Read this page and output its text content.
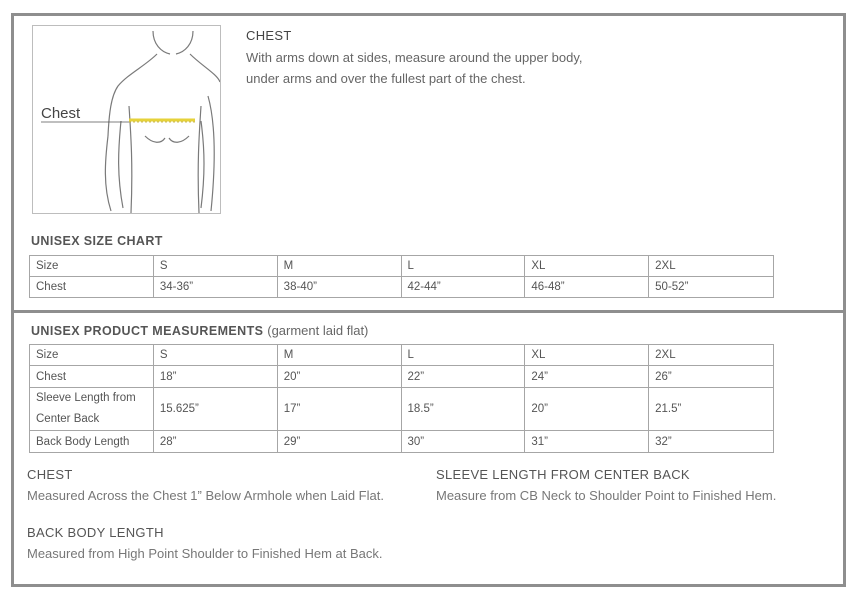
Chest
CHEST
With arms down at sides, measure around the upper body,
under arms and over the fullest part of the chest.
UNISEX SIZE CHART
Size	S	M	L	XL	2XL
Chest	34-36”	38-40”	42-44”	46-48”	50-52”
UNISEX PRODUCT MEASUREMENTS (garment laid flat)
Size	S	M	L	XL	2XL
Chest	18”	20”	22”	24”	26”
Sleeve Length from Center Back	15.625”	17”	18.5”	20”	21.5”
Back Body Length	28”	29”	30”	31”	32”
CHEST
Measured Across the Chest 1” Below Armhole when Laid Flat.
SLEEVE LENGTH FROM CENTER BACK
Measure from CB Neck to Shoulder Point to Finished Hem.
BACK BODY LENGTH
Measured from High Point Shoulder to Finished Hem at Back.
